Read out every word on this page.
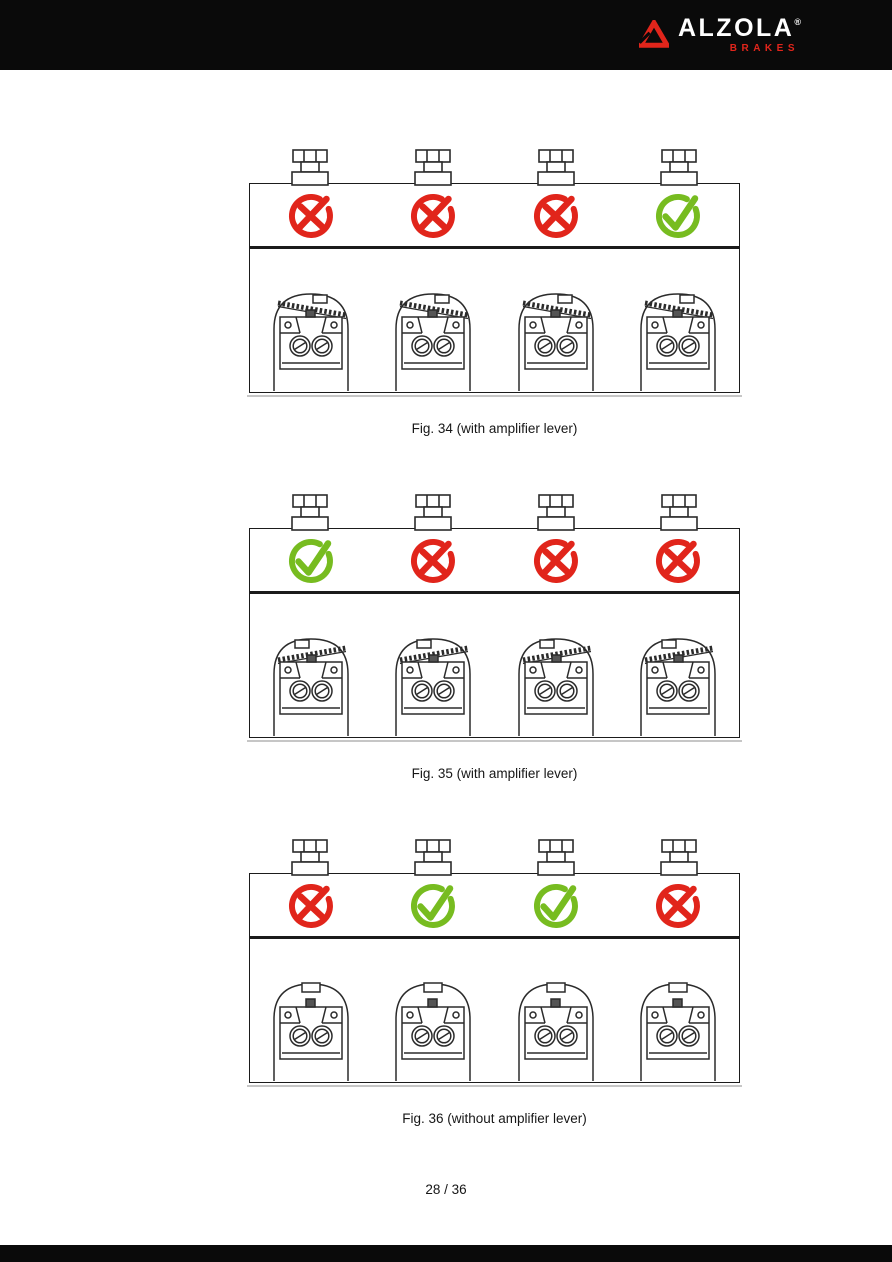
ALZOLA®
BRAKES

Fig. 34 (with amplifier lever)

Fig. 35 (with amplifier lever)

Fig. 36 (without amplifier lever)

28 / 36
